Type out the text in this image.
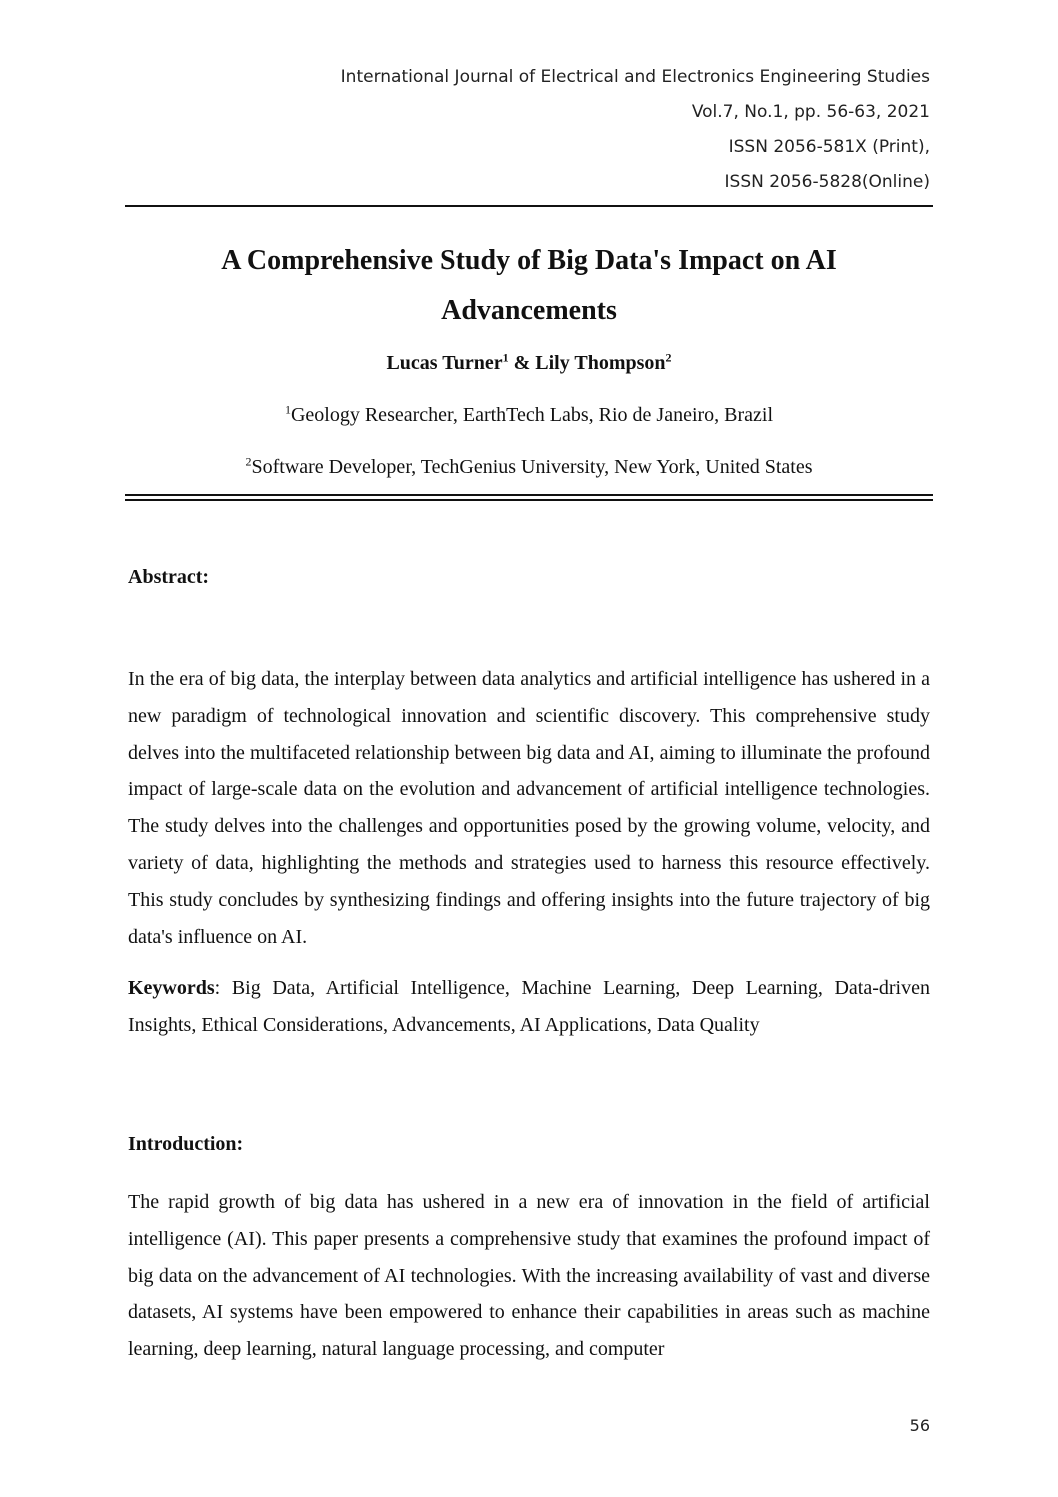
International Journal of Electrical and Electronics Engineering Studies
Vol.7, No.1, pp. 56-63, 2021
ISSN 2056-581X (Print),
ISSN 2056-5828(Online)
A Comprehensive Study of Big Data's Impact on AI
Advancements
Lucas Turner$^1$ & Lily Thompson$^2$
$^1$Geology Researcher, EarthTech Labs, Rio de Janeiro, Brazil
$^2$Software Developer, TechGenius University, New York, United States
Abstract:
In the era of big data, the interplay between data analytics and artificial intelligence has ushered in a new paradigm of technological innovation and scientific discovery. This comprehensive study delves into the multifaceted relationship between big data and AI, aiming to illuminate the profound impact of large-scale data on the evolution and advancement of artificial intelligence technologies. The study delves into the challenges and opportunities posed by the growing volume, velocity, and variety of data, highlighting the methods and strategies used to harness this resource effectively. This study concludes by synthesizing findings and offering insights into the future trajectory of big data's influence on AI.
Keywords: Big Data, Artificial Intelligence, Machine Learning, Deep Learning, Data-driven Insights, Ethical Considerations, Advancements, AI Applications, Data Quality
Introduction:
The rapid growth of big data has ushered in a new era of innovation in the field of artificial intelligence (AI). This paper presents a comprehensive study that examines the profound impact of big data on the advancement of AI technologies. With the increasing availability of vast and diverse datasets, AI systems have been empowered to enhance their capabilities in areas such as machine learning, deep learning, natural language processing, and computer
56
